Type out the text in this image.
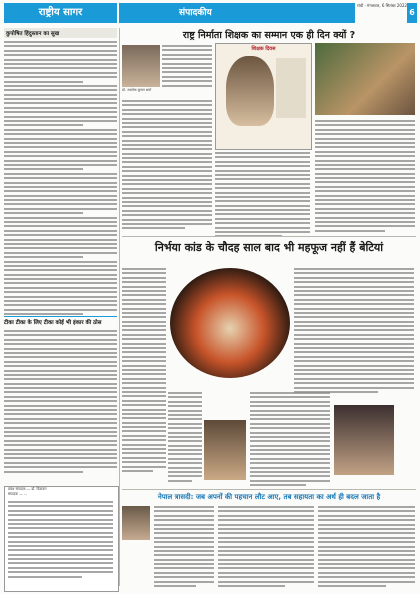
राष्ट्रीय सागर	संपादकीय
रांची · मंगलवार, 6 सितंबर 2022
6
कुपोषित हिंदुस्तान का सुख
टीका टीका के लिए टीका कोई भी इंकार की ठोस
प्रबंध संपादक — डॉ. दिवाकर
संपादक — ...
राष्ट्र निर्माता शिक्षक का सम्मान एक ही दिन क्यों ?
डॉ. आलोक कुमार शर्मा
शिक्षक दिवस
निर्भया कांड के चौदह साल बाद भी महफूज नहीं हैं बेटियां
नेपाल त्रासदी: जब अपनों की पहचान लौट आए, तब सहायता का अर्थ ही बदल जाता है
